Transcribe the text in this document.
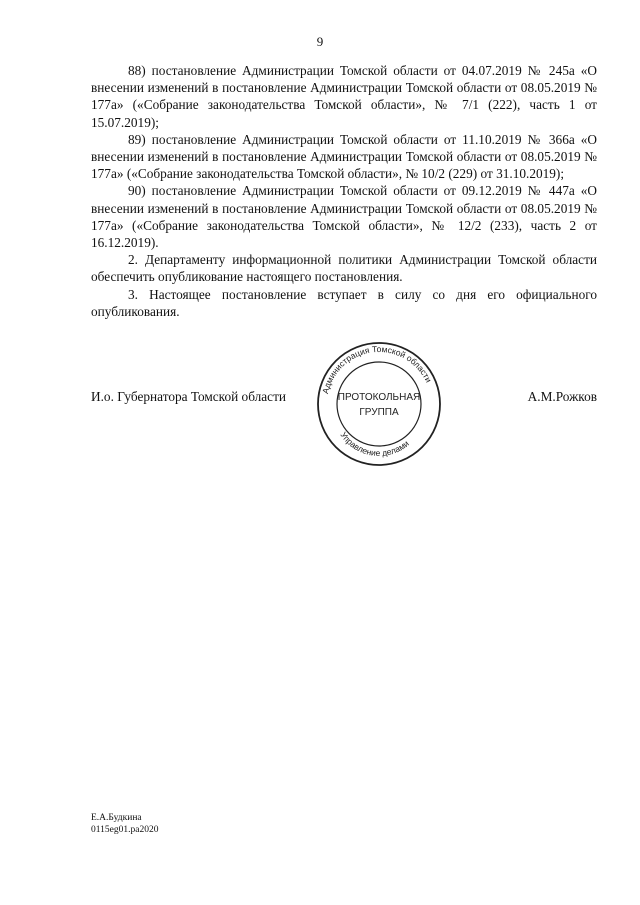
9

88) постановление Администрации Томской области от 04.07.2019 № 245а «О внесении изменений в постановление Администрации Томской области от 08.05.2019 № 177а» («Собрание законодательства Томской области», № 7/1 (222), часть 1 от 15.07.2019);

89) постановление Администрации Томской области от 11.10.2019 № 366а «О внесении изменений в постановление Администрации Томской области от 08.05.2019 № 177а» («Собрание законодательства Томской области», № 10/2 (229) от 31.10.2019);

90) постановление Администрации Томской области от 09.12.2019 № 447а «О внесении изменений в постановление Администрации Томской области от 08.05.2019 № 177а» («Собрание законодательства Томской области», № 12/2 (233), часть 2 от 16.12.2019).

2. Департаменту информационной политики Администрации Томской области обеспечить опубликование настоящего постановления.

3. Настоящее постановление вступает в силу со дня его официального опубликования.

И.о. Губернатора Томской области	А.М.Рожков
Администрация Томской области
Управление делами
ПРОТОКОЛЬНАЯ
ГРУППА
Е.А.Будкина
0115eg01.pa2020
